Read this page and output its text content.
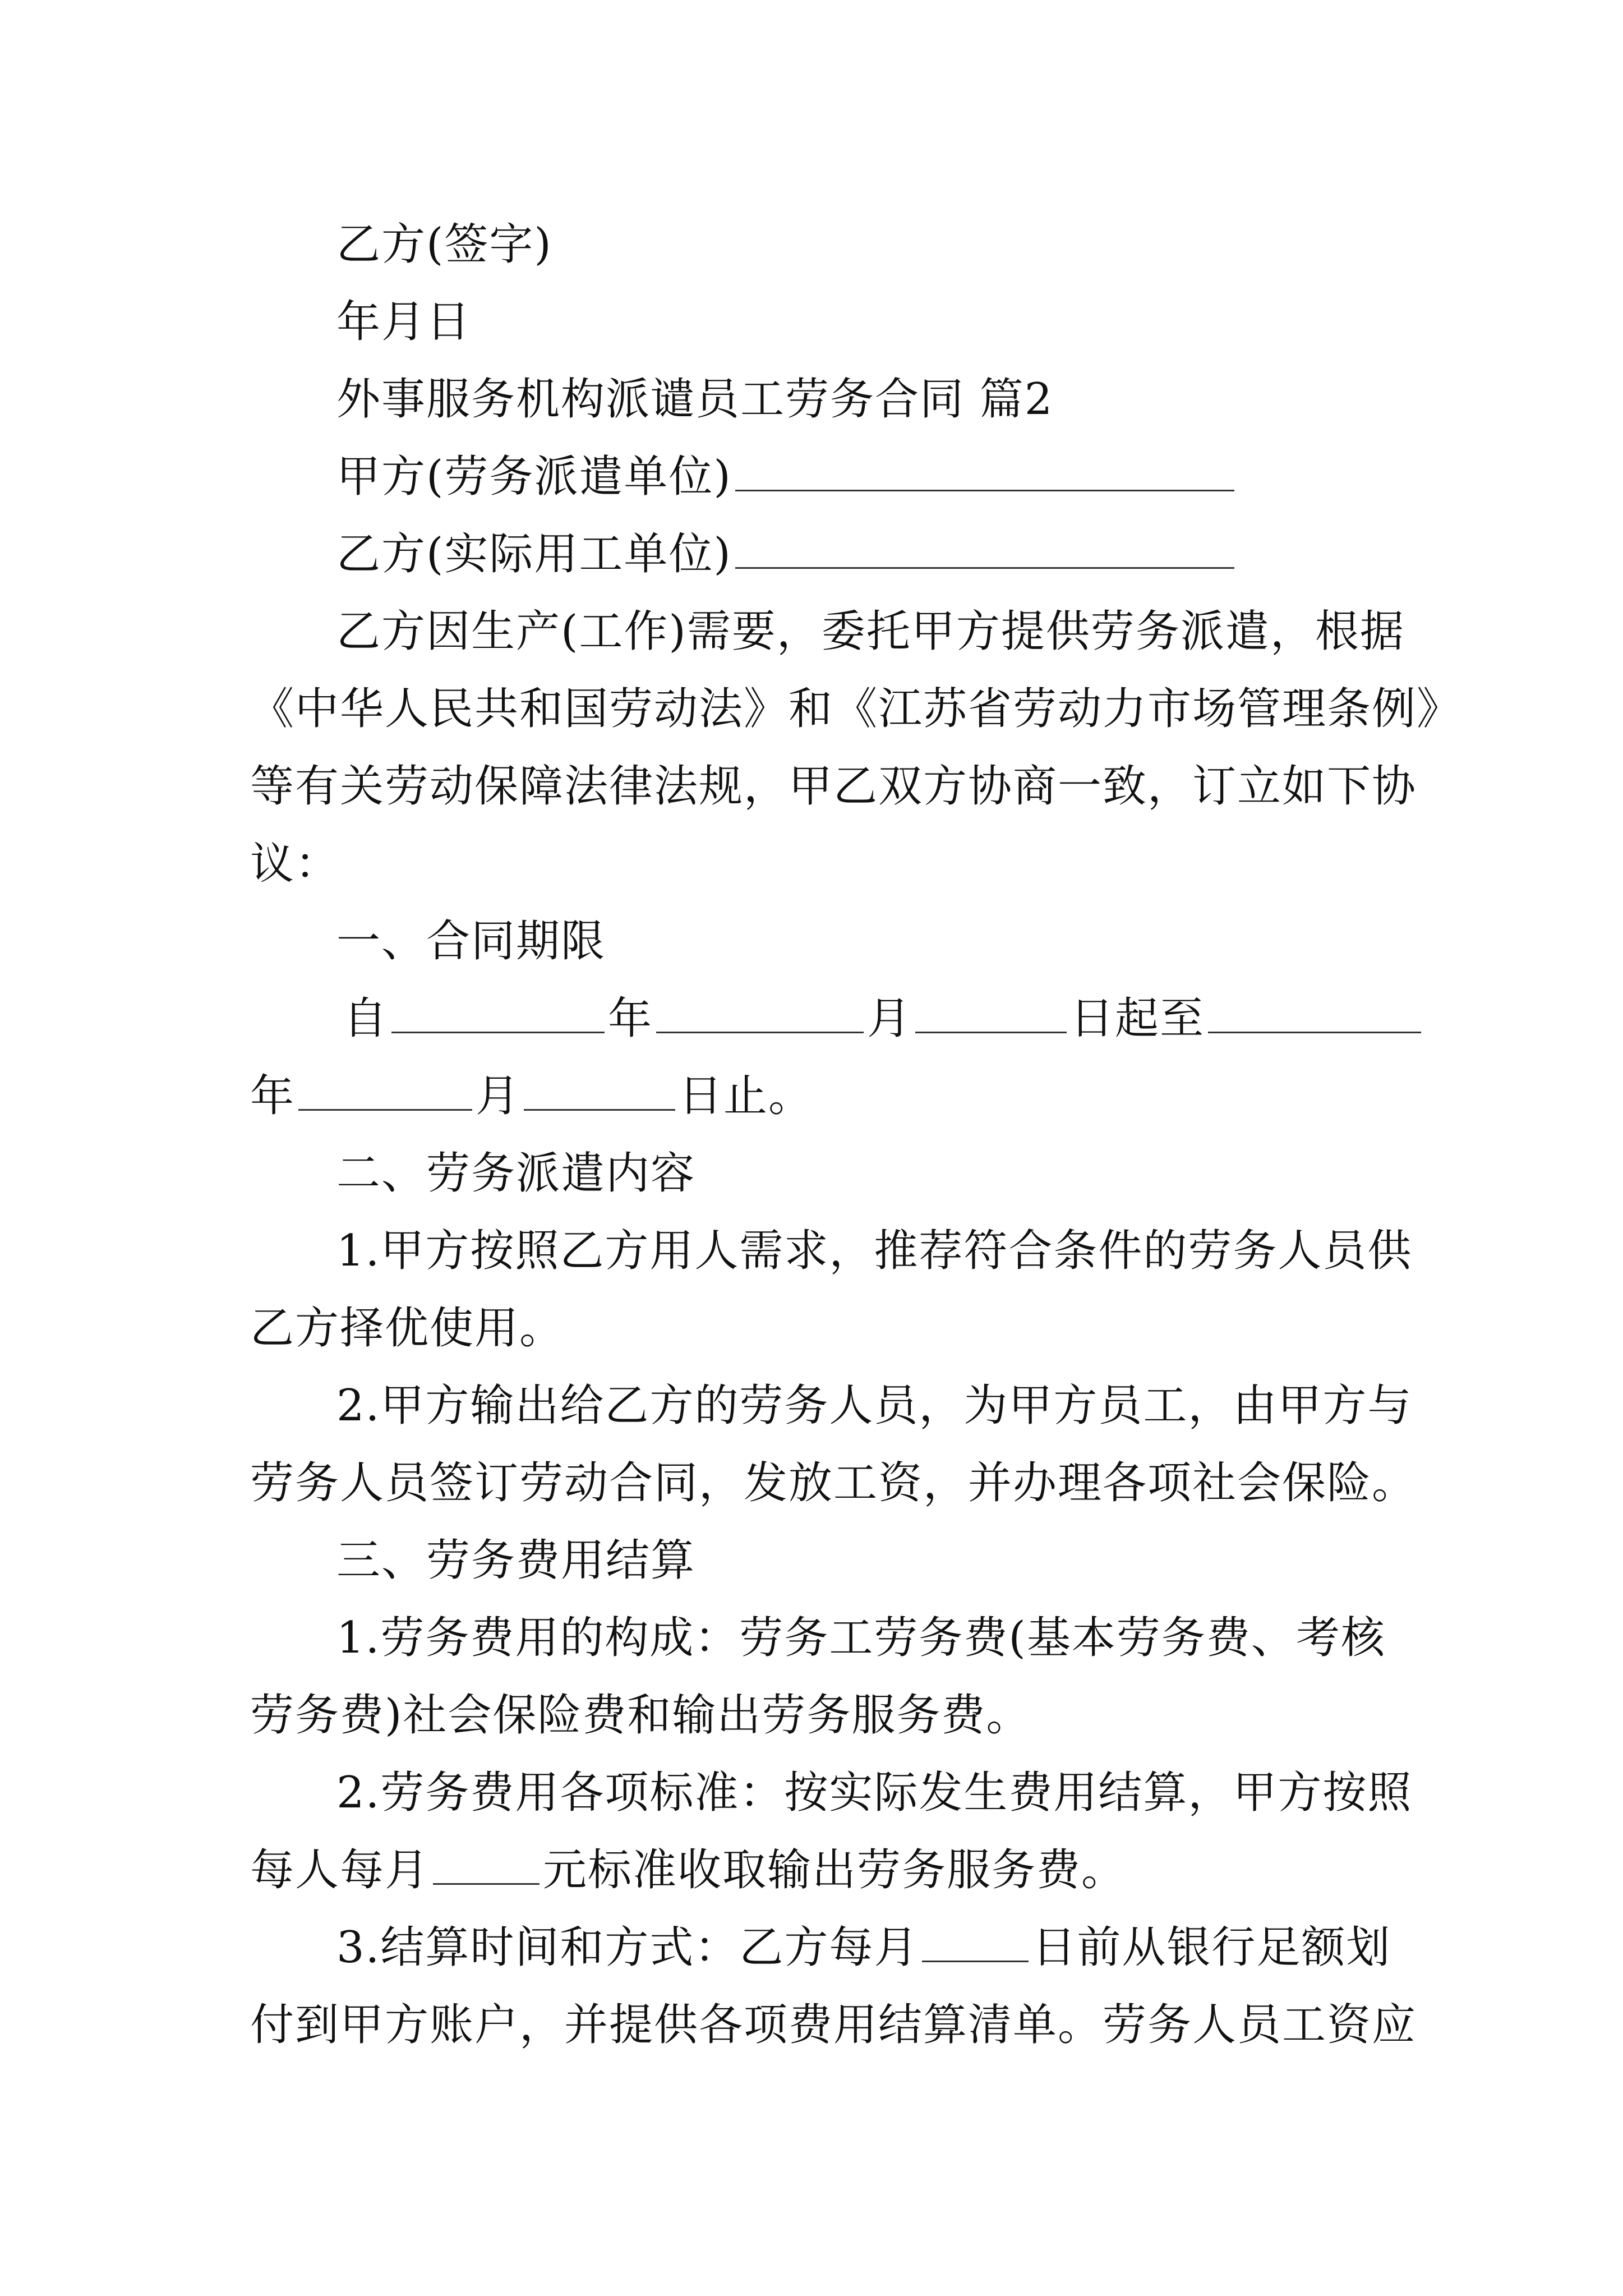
乙方(签字)
年月日
外事服务机构派谴员工劳务合同 篇2
甲方(劳务派遣单位)
乙方(实际用工单位)
乙方因生产(工作)需要，委托甲方提供劳务派遣，根据
《中华人民共和国劳动法》和《江苏省劳动力市场管理条例》
等有关劳动保障法律法规，甲乙双方协商一致，订立如下协
议：
一、合同期限
自	年	月	日起至
年	月	日止。
二、劳务派遣内容
1.甲方按照乙方用人需求，推荐符合条件的劳务人员供
乙方择优使用。
2.甲方输出给乙方的劳务人员，为甲方员工，由甲方与
劳务人员签订劳动合同，发放工资，并办理各项社会保险。
三、劳务费用结算
1.劳务费用的构成：劳务工劳务费(基本劳务费、考核
劳务费)社会保险费和输出劳务服务费。
2.劳务费用各项标准：按实际发生费用结算，甲方按照
每人每月	元标准收取输出劳务服务费。
3.结算时间和方式：乙方每月	日前从银行足额划
付到甲方账户，并提供各项费用结算清单。劳务人员工资应
